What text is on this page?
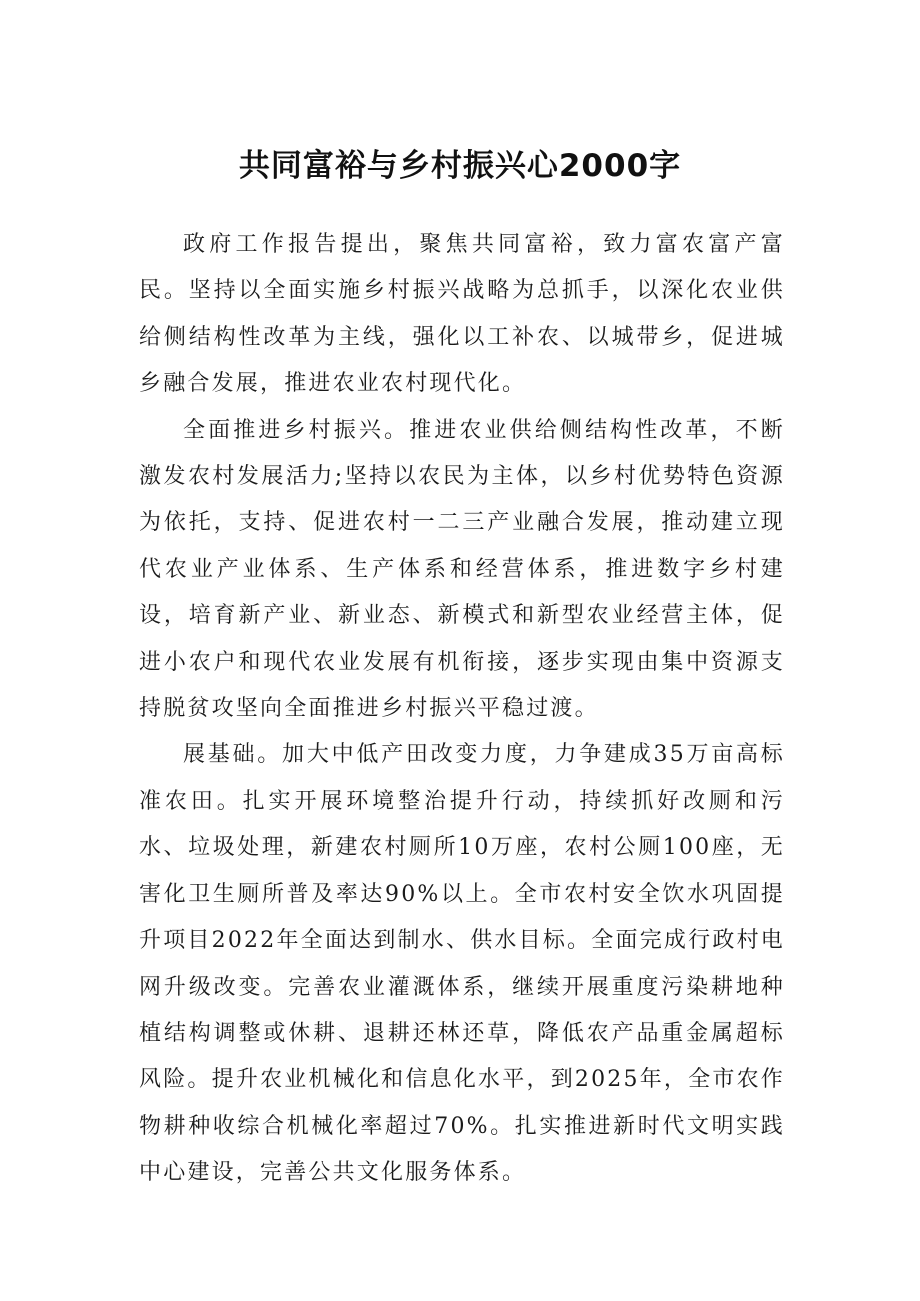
共同富裕与乡村振兴心2000字

政府工作报告提出，聚焦共同富裕，致力富农富产富民。坚持以全面实施乡村振兴战略为总抓手，以深化农业供给侧结构性改革为主线，强化以工补农、以城带乡，促进城乡融合发展，推进农业农村现代化。

全面推进乡村振兴。推进农业供给侧结构性改革，不断激发农村发展活力;坚持以农民为主体，以乡村优势特色资源为依托，支持、促进农村一二三产业融合发展，推动建立现代农业产业体系、生产体系和经营体系，推进数字乡村建设，培育新产业、新业态、新模式和新型农业经营主体，促进小农户和现代农业发展有机衔接，逐步实现由集中资源支持脱贫攻坚向全面推进乡村振兴平稳过渡。

展基础。加大中低产田改变力度，力争建成35万亩高标准农田。扎实开展环境整治提升行动，持续抓好改厕和污水、垃圾处理，新建农村厕所10万座，农村公厕100座，无害化卫生厕所普及率达90%以上。全市农村安全饮水巩固提升项目2022年全面达到制水、供水目标。全面完成行政村电网升级改变。完善农业灌溉体系，继续开展重度污染耕地种植结构调整或休耕、退耕还林还草，降低农产品重金属超标风险。提升农业机械化和信息化水平，到2025年，全市农作物耕种收综合机械化率超过70%。扎实推进新时代文明实践中心建设，完善公共文化服务体系。
